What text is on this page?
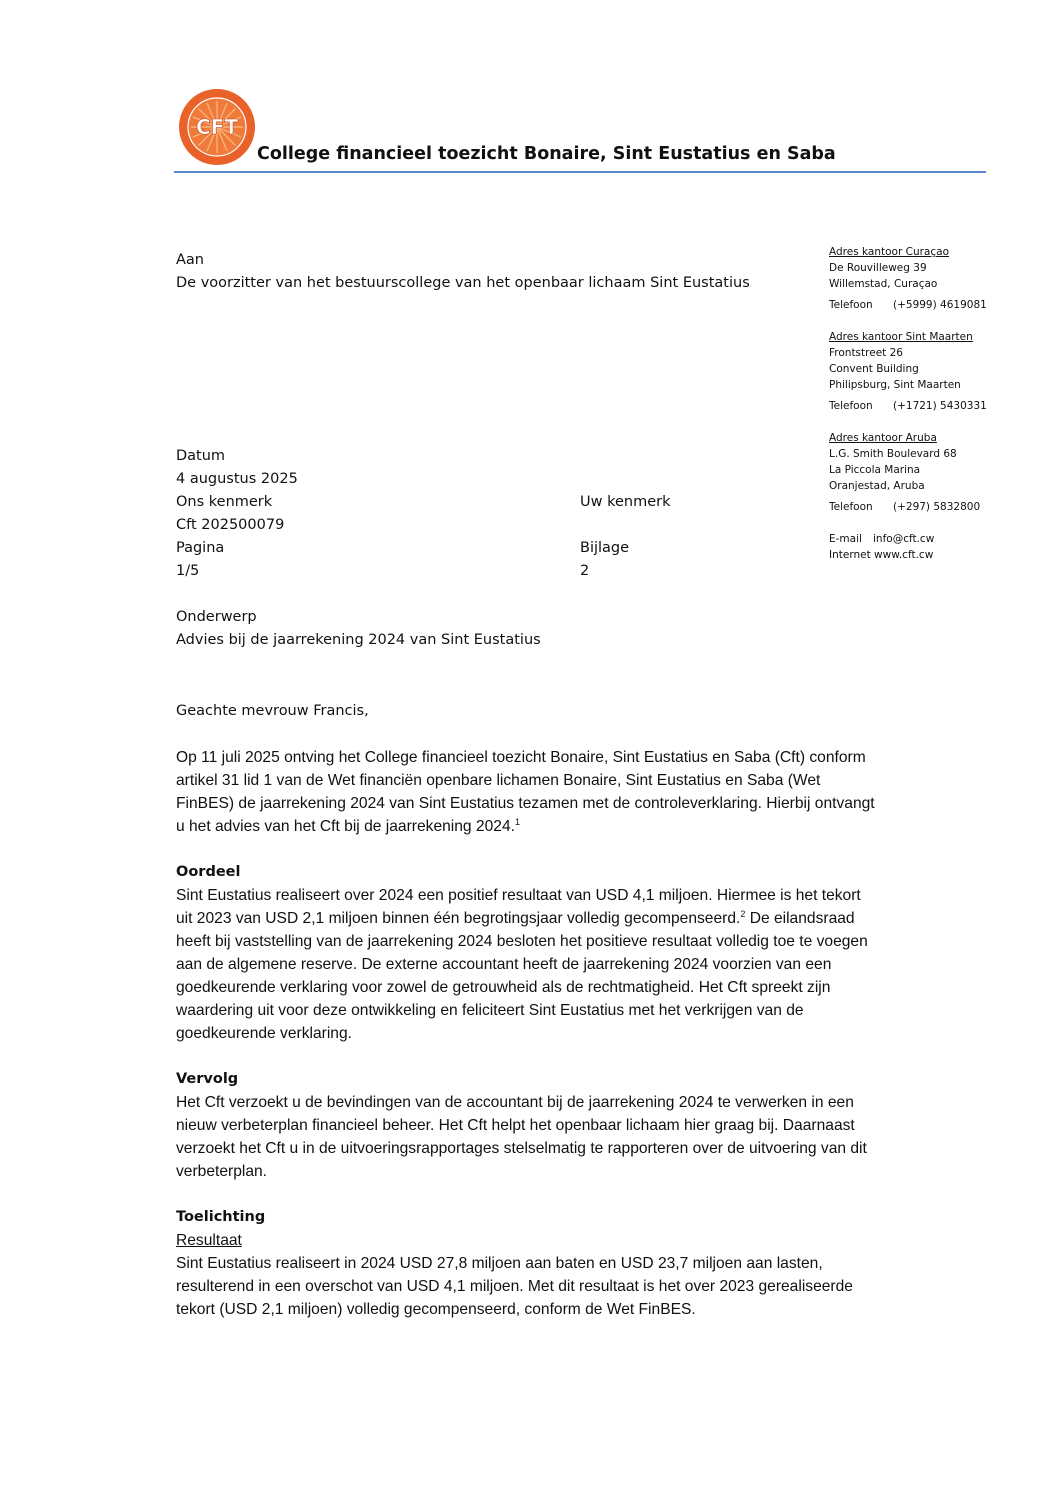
CFT
College financieel toezicht Bonaire, Sint Eustatius en Saba
Aan
De voorzitter van het bestuurscollege van het openbaar lichaam Sint Eustatius
Datum
4 augustus 2025
Ons kenmerk	Uw kenmerk
Cft 202500079
Pagina	Bijlage
1/5	2
Onderwerp
Advies bij de jaarrekening 2024 van Sint Eustatius
Adres kantoor Curaçao
De Rouvilleweg 39
Willemstad, Curaçao
Telefoon (+5999) 4619081
Adres kantoor Sint Maarten
Frontstreet 26
Convent Building
Philipsburg, Sint Maarten
Telefoon (+1721) 5430331
Adres kantoor Aruba
L.G. Smith Boulevard 68
La Piccola Marina
Oranjestad, Aruba
Telefoon (+297) 5832800
E-mail info@cft.cw
Internet www.cft.cw

Geachte mevrouw Francis,

Op 11 juli 2025 ontving het College financieel toezicht Bonaire, Sint Eustatius en Saba (Cft) conform artikel 31 lid 1 van de Wet financiën openbare lichamen Bonaire, Sint Eustatius en Saba (Wet FinBES) de jaarrekening 2024 van Sint Eustatius tezamen met de controleverklaring. Hierbij ontvangt u het advies van het Cft bij de jaarrekening 2024.$^1$

Oordeel

Sint Eustatius realiseert over 2024 een positief resultaat van USD 4,1 miljoen. Hiermee is het tekort uit 2023 van USD 2,1 miljoen binnen één begrotingsjaar volledig gecompenseerd.$^2$ De eilandsraad heeft bij vaststelling van de jaarrekening 2024 besloten het positieve resultaat volledig toe te voegen aan de algemene reserve. De externe accountant heeft de jaarrekening 2024 voorzien van een goedkeurende verklaring voor zowel de getrouwheid als de rechtmatigheid. Het Cft spreekt zijn waardering uit voor deze ontwikkeling en feliciteert Sint Eustatius met het verkrijgen van de goedkeurende verklaring.

Vervolg

Het Cft verzoekt u de bevindingen van de accountant bij de jaarrekening 2024 te verwerken in een nieuw verbeterplan financieel beheer. Het Cft helpt het openbaar lichaam hier graag bij. Daarnaast verzoekt het Cft u in de uitvoeringsrapportages stelselmatig te rapporteren over de uitvoering van dit verbeterplan.

Toelichting

Resultaat

Sint Eustatius realiseert in 2024 USD 27,8 miljoen aan baten en USD 23,7 miljoen aan lasten, resulterend in een overschot van USD 4,1 miljoen. Met dit resultaat is het over 2023 gerealiseerde tekort (USD 2,1 miljoen) volledig gecompenseerd, conform de Wet FinBES.
